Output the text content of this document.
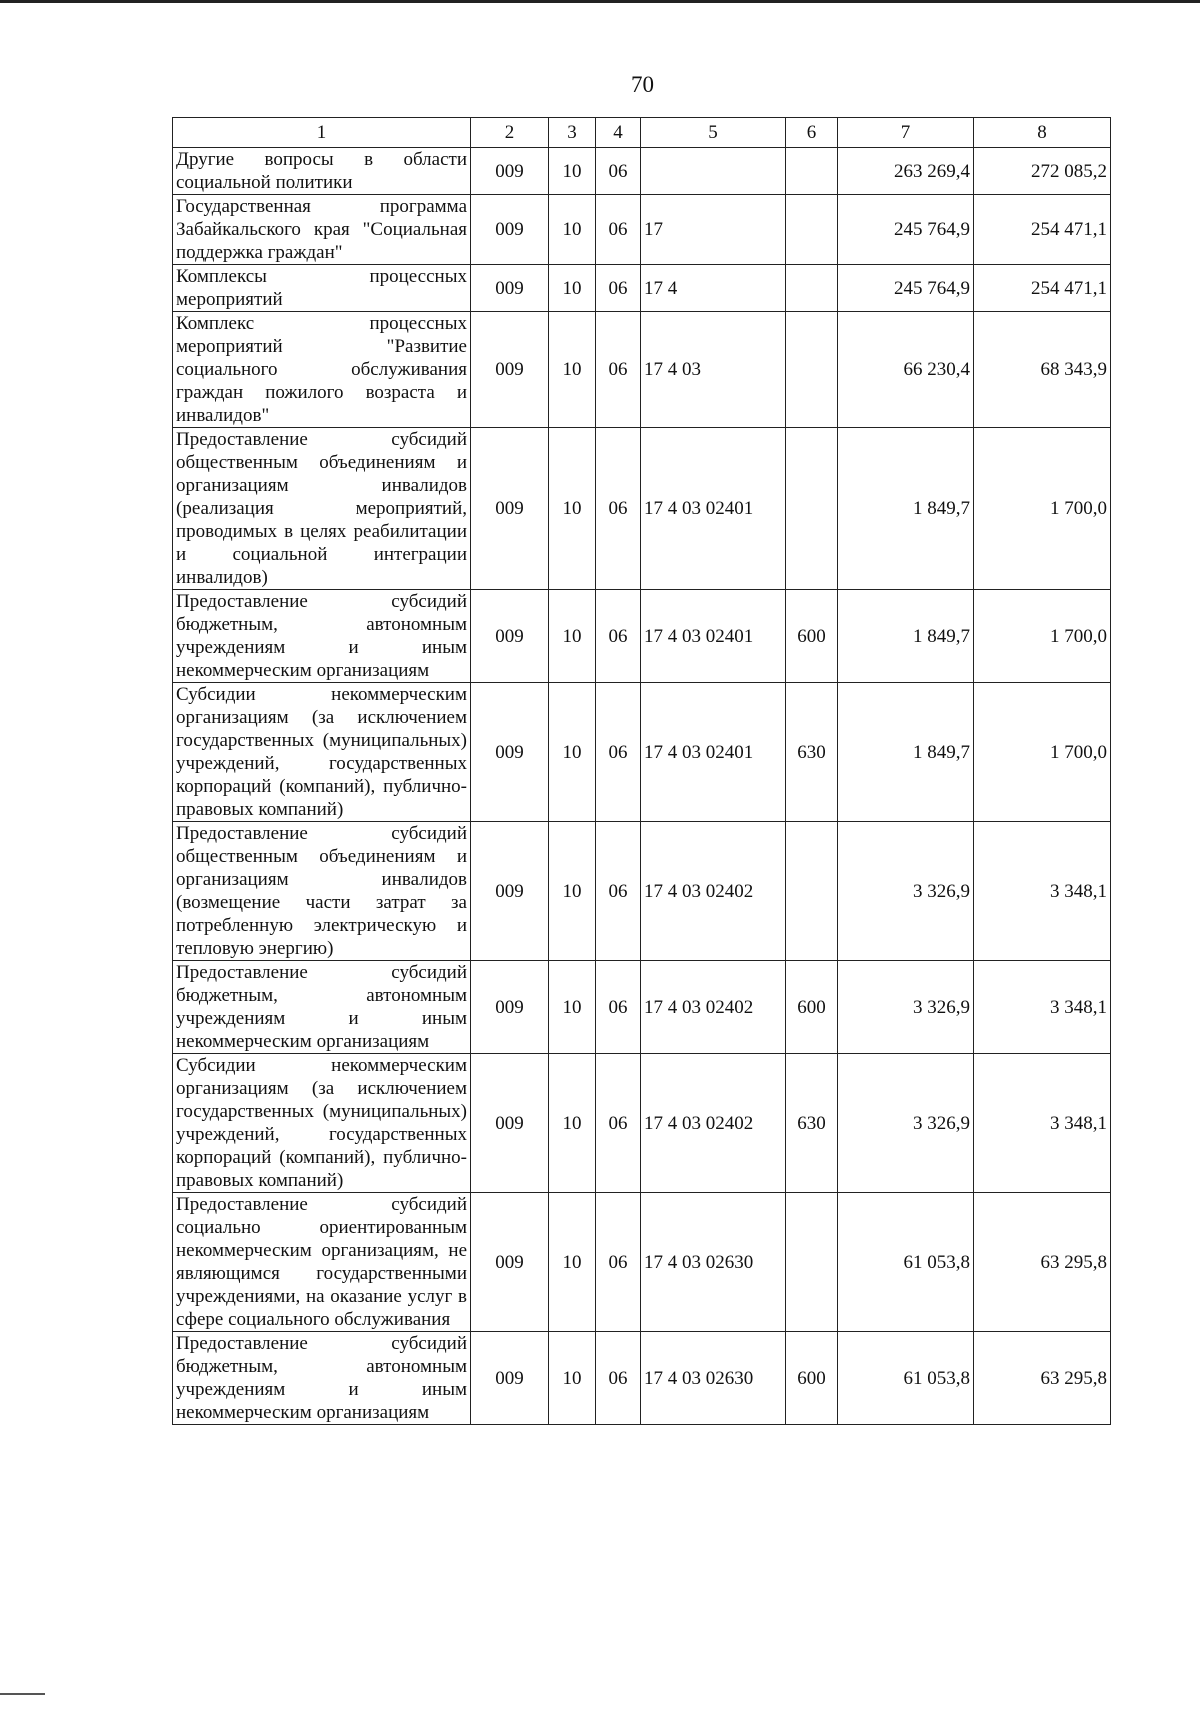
70
1	2	3	4	5	6	7	8
Другие вопросы в области социальной политики	009	10	06			263 269,4	272 085,2
Государственная программа Забайкальского края "Социальная поддержка граждан"	009	10	06	17		245 764,9	254 471,1
Комплексы процессных мероприятий	009	10	06	17 4		245 764,9	254 471,1
Комплекс процессных мероприятий "Развитие социального обслуживания граждан пожилого возраста и инвалидов"	009	10	06	17 4 03		66 230,4	68 343,9
Предоставление субсидий общественным объединениям и организациям инвалидов (реализация мероприятий, проводимых в целях реабилитации и социальной интеграции инвалидов)	009	10	06	17 4 03 02401		1 849,7	1 700,0
Предоставление субсидий бюджетным, автономным учреждениям и иным некоммерческим организациям	009	10	06	17 4 03 02401	600	1 849,7	1 700,0
Субсидии некоммерческим организациям (за исключением государственных (муниципальных) учреждений, государственных корпораций (компаний), публично-правовых компаний)	009	10	06	17 4 03 02401	630	1 849,7	1 700,0
Предоставление субсидий общественным объединениям и организациям инвалидов (возмещение части затрат за потребленную электрическую и тепловую энергию)	009	10	06	17 4 03 02402		3 326,9	3 348,1
Предоставление субсидий бюджетным, автономным учреждениям и иным некоммерческим организациям	009	10	06	17 4 03 02402	600	3 326,9	3 348,1
Субсидии некоммерческим организациям (за исключением государственных (муниципальных) учреждений, государственных корпораций (компаний), публично-правовых компаний)	009	10	06	17 4 03 02402	630	3 326,9	3 348,1
Предоставление субсидий социально ориентированным некоммерческим организациям, не являющимся государственными учреждениями, на оказание услуг в сфере социального обслуживания	009	10	06	17 4 03 02630		61 053,8	63 295,8
Предоставление субсидий бюджетным, автономным учреждениям и иным некоммерческим организациям	009	10	06	17 4 03 02630	600	61 053,8	63 295,8
